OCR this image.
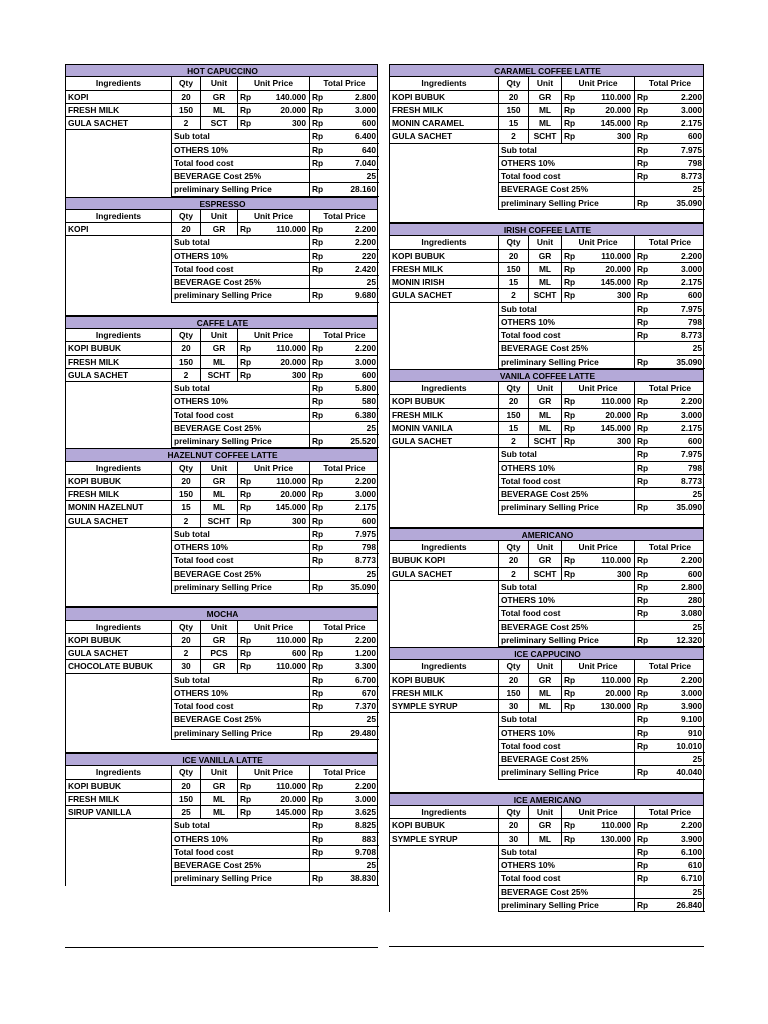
HOT CAPUCCINO
Ingredients	Qty	Unit	Unit Price	Total Price
KOPI	20	GR	Rp	140.000 Rp	2.800
FRESH MILK	150	ML	Rp	20.000 Rp	3.000
GULA SACHET	2	SCT	Rp	300 Rp	600
Sub total	Rp	6.400
OTHERS 10%	Rp	640
Total food cost	Rp	7.040
BEVERAGE Cost 25%	25
preliminary Selling Price	Rp	28.160
ESPRESSO
Ingredients	Qty	Unit	Unit Price	Total Price
KOPI	20	GR	Rp	110.000 Rp	2.200
Sub total	Rp	2.200
OTHERS 10%	Rp	220
Total food cost	Rp	2.420
BEVERAGE Cost 25%	25
preliminary Selling Price	Rp	9.680
CAFFE LATE
Ingredients	Qty	Unit	Unit Price	Total Price
KOPI BUBUK	20	GR	Rp	110.000 Rp	2.200
FRESH MILK	150	ML	Rp	20.000 Rp	3.000
GULA SACHET	2	SCHT	Rp	300 Rp	600
Sub total	Rp	5.800
OTHERS 10%	Rp	580
Total food cost	Rp	6.380
BEVERAGE Cost 25%	25
preliminary Selling Price	Rp	25.520
HAZELNUT COFFEE LATTE
Ingredients	Qty	Unit	Unit Price	Total Price
KOPI BUBUK	20	GR	Rp	110.000 Rp	2.200
FRESH MILK	150	ML	Rp	20.000 Rp	3.000
MONIN HAZELNUT	15	ML	Rp	145.000 Rp	2.175
GULA SACHET	2	SCHT	Rp	300 Rp	600
Sub total	Rp	7.975
OTHERS 10%	Rp	798
Total food cost	Rp	8.773
BEVERAGE Cost 25%	25
preliminary Selling Price	Rp	35.090
MOCHA
Ingredients	Qty	Unit	Unit Price	Total Price
KOPI BUBUK	20	GR	Rp	110.000 Rp	2.200
GULA SACHET	2	PCS	Rp	600 Rp	1.200
CHOCOLATE BUBUK	30	GR	Rp	110.000 Rp	3.300
Sub total	Rp	6.700
OTHERS 10%	Rp	670
Total food cost	Rp	7.370
BEVERAGE Cost 25%	25
preliminary Selling Price	Rp	29.480
ICE VANILLA LATTE
Ingredients	Qty	Unit	Unit Price	Total Price
KOPI BUBUK	20	GR	Rp	110.000 Rp	2.200
FRESH MILK	150	ML	Rp	20.000 Rp	3.000
SIRUP VANILLA	25	ML	Rp	145.000 Rp	3.625
Sub total	Rp	8.825
OTHERS 10%	Rp	883
Total food cost	Rp	9.708
BEVERAGE Cost 25%	25
preliminary Selling Price	Rp	38.830
CARAMEL COFFEE LATTE
Ingredients	Qty	Unit	Unit Price	Total Price
KOPI BUBUK	20	GR	Rp	110.000 Rp	2.200
FRESH MILK	150	ML	Rp	20.000 Rp	3.000
MONIN CARAMEL	15	ML	Rp	145.000 Rp	2.175
GULA SACHET	2	SCHT Rp	300 Rp	600
Sub total	Rp	7.975
OTHERS 10%	Rp	798
Total food cost	Rp	8.773
BEVERAGE Cost 25%	25
preliminary Selling Price	Rp	35.090
IRISH COFFEE LATTE
Ingredients	Qty	Unit	Unit Price	Total Price
KOPI BUBUK	20	GR	Rp	110.000 Rp	2.200
FRESH MILK	150	ML	Rp	20.000 Rp	3.000
MONIN IRISH	15	ML	Rp	145.000 Rp	2.175
GULA SACHET	2	SCHT Rp	300 Rp	600
Sub total	Rp	7.975
OTHERS 10%	Rp	798
Total food cost	Rp	8.773
BEVERAGE Cost 25%	25
preliminary Selling Price	Rp	35.090
VANILA COFFEE LATTE
Ingredients	Qty	Unit	Unit Price	Total Price
KOPI BUBUK	20	GR	Rp	110.000 Rp	2.200
FRESH MILK	150	ML	Rp	20.000 Rp	3.000
MONIN VANILA	15	ML	Rp	145.000 Rp	2.175
GULA SACHET	2	SCHT Rp	300 Rp	600
Sub total	Rp	7.975
OTHERS 10%	Rp	798
Total food cost	Rp	8.773
BEVERAGE Cost 25%	25
preliminary Selling Price	Rp	35.090
AMERICANO
Ingredients	Qty	Unit	Unit Price	Total Price
BUBUK KOPI	20	GR	Rp	110.000 Rp	2.200
GULA SACHET	2	SCHT Rp	300 Rp	600
Sub total	Rp	2.800
OTHERS 10%	Rp	280
Total food cost	Rp	3.080
BEVERAGE Cost 25%	25
preliminary Selling Price	Rp	12.320
ICE CAPPUCINO
Ingredients	Qty	Unit	Unit Price	Total Price
KOPI BUBUK	20	GR	Rp	110.000 Rp	2.200
FRESH MILK	150	ML	Rp	20.000 Rp	3.000
SYMPLE SYRUP	30	ML	Rp	130.000 Rp	3.900
Sub total	Rp	9.100
OTHERS 10%	Rp	910
Total food cost	Rp	10.010
BEVERAGE Cost 25%	25
preliminary Selling Price	Rp	40.040
ICE AMERICANO
Ingredients	Qty	Unit	Unit Price	Total Price
KOPI BUBUK	20	GR	Rp	110.000 Rp	2.200
SYMPLE SYRUP	30	ML	Rp	130.000 Rp	3.900
Sub total	Rp	6.100
OTHERS 10%	Rp	610
Total food cost	Rp	6.710
BEVERAGE Cost 25%	25
preliminary Selling Price	Rp	26.840
